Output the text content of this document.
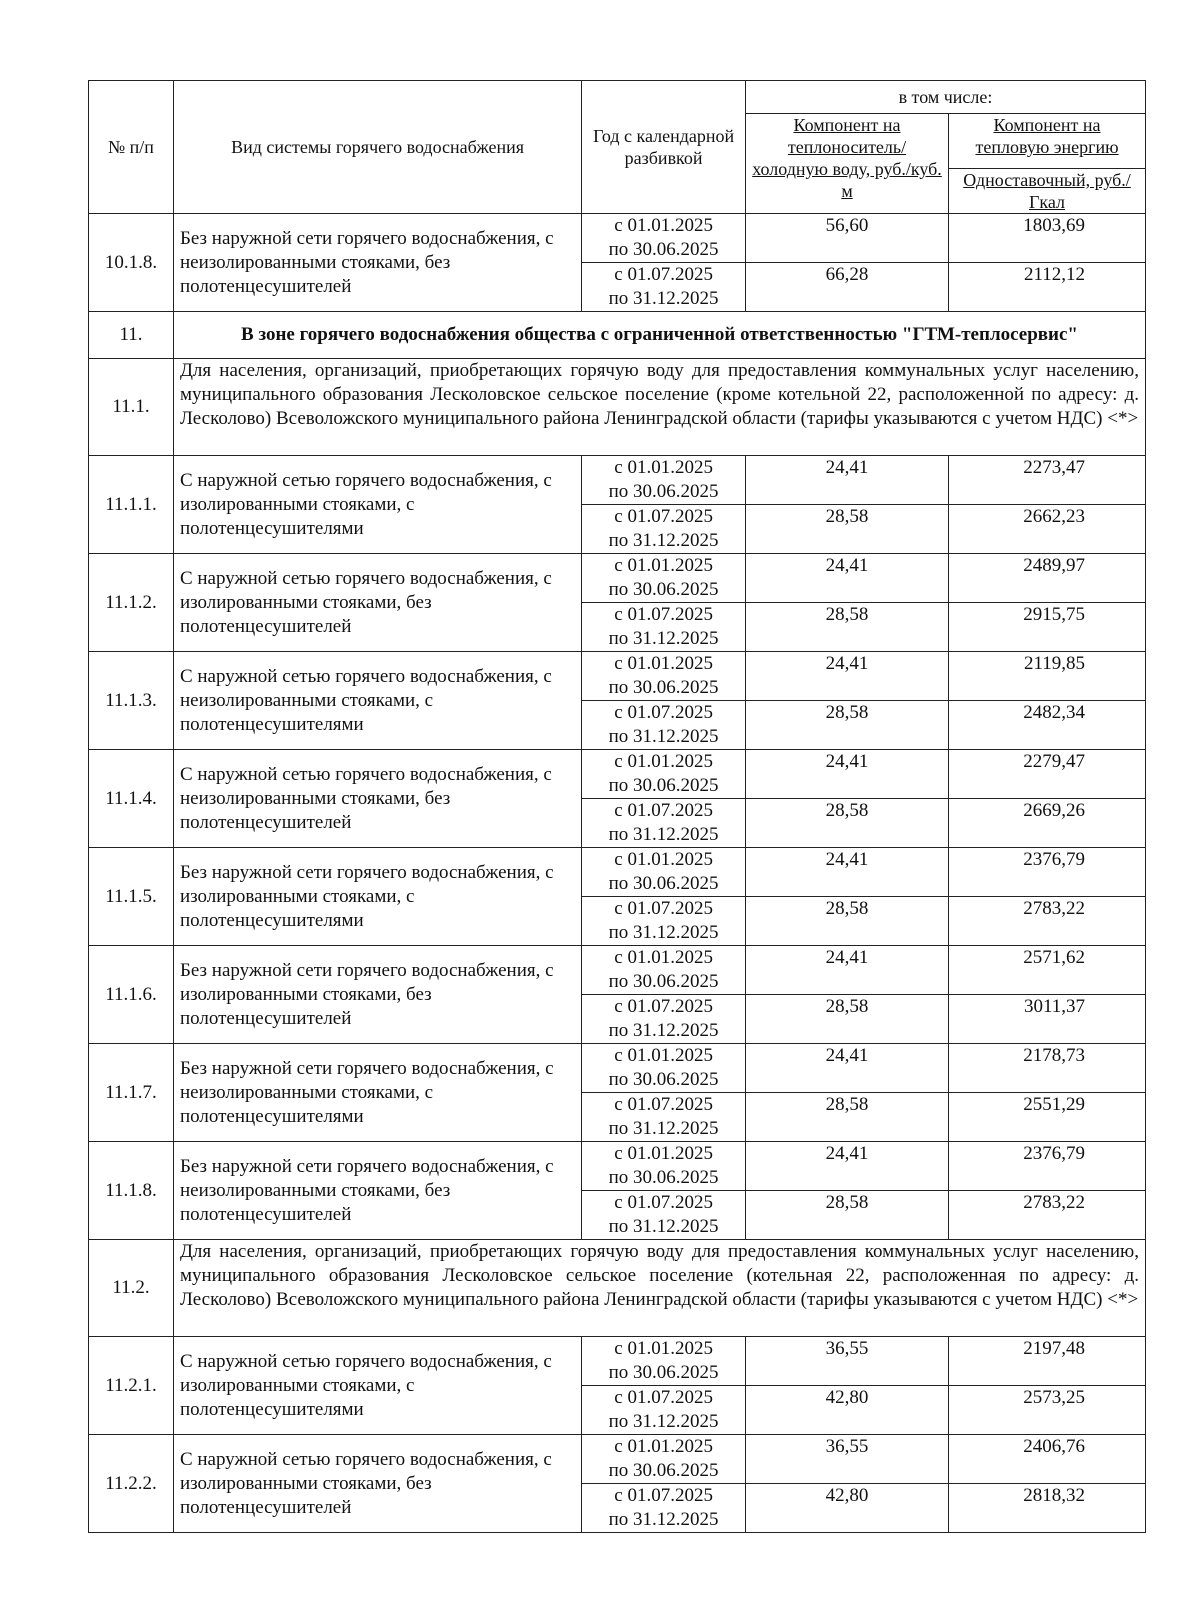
№ п/п	Вид системы горячего водоснабжения	Год с календарной разбивкой	в том числе:	
			Компонент на теплоноситель/ холодную воду, руб./куб. м	Компонент на тепловую энергию
				Одноставочный, руб./Гкал
10.1.8.	Без наружной сети горячего водоснабжения, с неизолированными стояками, без полотенцесушителей	с 01.01.2025
по 30.06.2025	56,60	1803,69

		с 01.07.2025
по 31.12.2025	66,28	2112,12
11.	В зоне горячего водоснабжения общества с ограниченной ответственностью "ГТМ-теплосервис"			
11.1.	Для населения, организаций, приобретающих горячую воду для предоставления коммунальных услуг населению, муниципального образования Лесколовское сельское поселение (кроме котельной 22, расположенной по адресу: д. Лесколово) Всеволожского муниципального района Ленинградской области (тарифы указываются с учетом НДС) <*>			
11.1.1.	С наружной сетью горячего водоснабжения, с изолированными стояками, с полотенцесушителями	с 01.01.2025
по 30.06.2025	24,41	2273,47

		с 01.07.2025
по 31.12.2025	28,58	2662,23
11.1.2.	С наружной сетью горячего водоснабжения, с изолированными стояками, без полотенцесушителей	с 01.01.2025
по 30.06.2025	24,41	2489,97

		с 01.07.2025
по 31.12.2025	28,58	2915,75
11.1.3.	С наружной сетью горячего водоснабжения, с неизолированными стояками, с полотенцесушителями	с 01.01.2025
по 30.06.2025	24,41	2119,85

		с 01.07.2025
по 31.12.2025	28,58	2482,34
11.1.4.	С наружной сетью горячего водоснабжения, с неизолированными стояками, без полотенцесушителей	с 01.01.2025
по 30.06.2025	24,41	2279,47

		с 01.07.2025
по 31.12.2025	28,58	2669,26
11.1.5.	Без наружной сети горячего водоснабжения, с изолированными стояками, с полотенцесушителями	с 01.01.2025
по 30.06.2025	24,41	2376,79

		с 01.07.2025
по 31.12.2025	28,58	2783,22
11.1.6.	Без наружной сети горячего водоснабжения, с изолированными стояками, без полотенцесушителей	с 01.01.2025
по 30.06.2025	24,41	2571,62

		с 01.07.2025
по 31.12.2025	28,58	3011,37
11.1.7.	Без наружной сети горячего водоснабжения, с неизолированными стояками, с полотенцесушителями	с 01.01.2025
по 30.06.2025	24,41	2178,73

		с 01.07.2025
по 31.12.2025	28,58	2551,29
11.1.8.	Без наружной сети горячего водоснабжения, с неизолированными стояками, без полотенцесушителей	с 01.01.2025
по 30.06.2025	24,41	2376,79

		с 01.07.2025
по 31.12.2025	28,58	2783,22
11.2.	Для населения, организаций, приобретающих горячую воду для предоставления коммунальных услуг населению, муниципального образования Лесколовское сельское поселение (котельная 22, расположенная по адресу: д. Лесколово) Всеволожского муниципального района Ленинградской области (тарифы указываются с учетом НДС) <*>			
11.2.1.	С наружной сетью горячего водоснабжения, с изолированными стояками, с полотенцесушителями	с 01.01.2025
по 30.06.2025	36,55	2197,48

		с 01.07.2025
по 31.12.2025	42,80	2573,25
11.2.2.	С наружной сетью горячего водоснабжения, с изолированными стояками, без полотенцесушителей	с 01.01.2025
по 30.06.2025	36,55	2406,76

		с 01.07.2025
по 31.12.2025	42,80	2818,32
